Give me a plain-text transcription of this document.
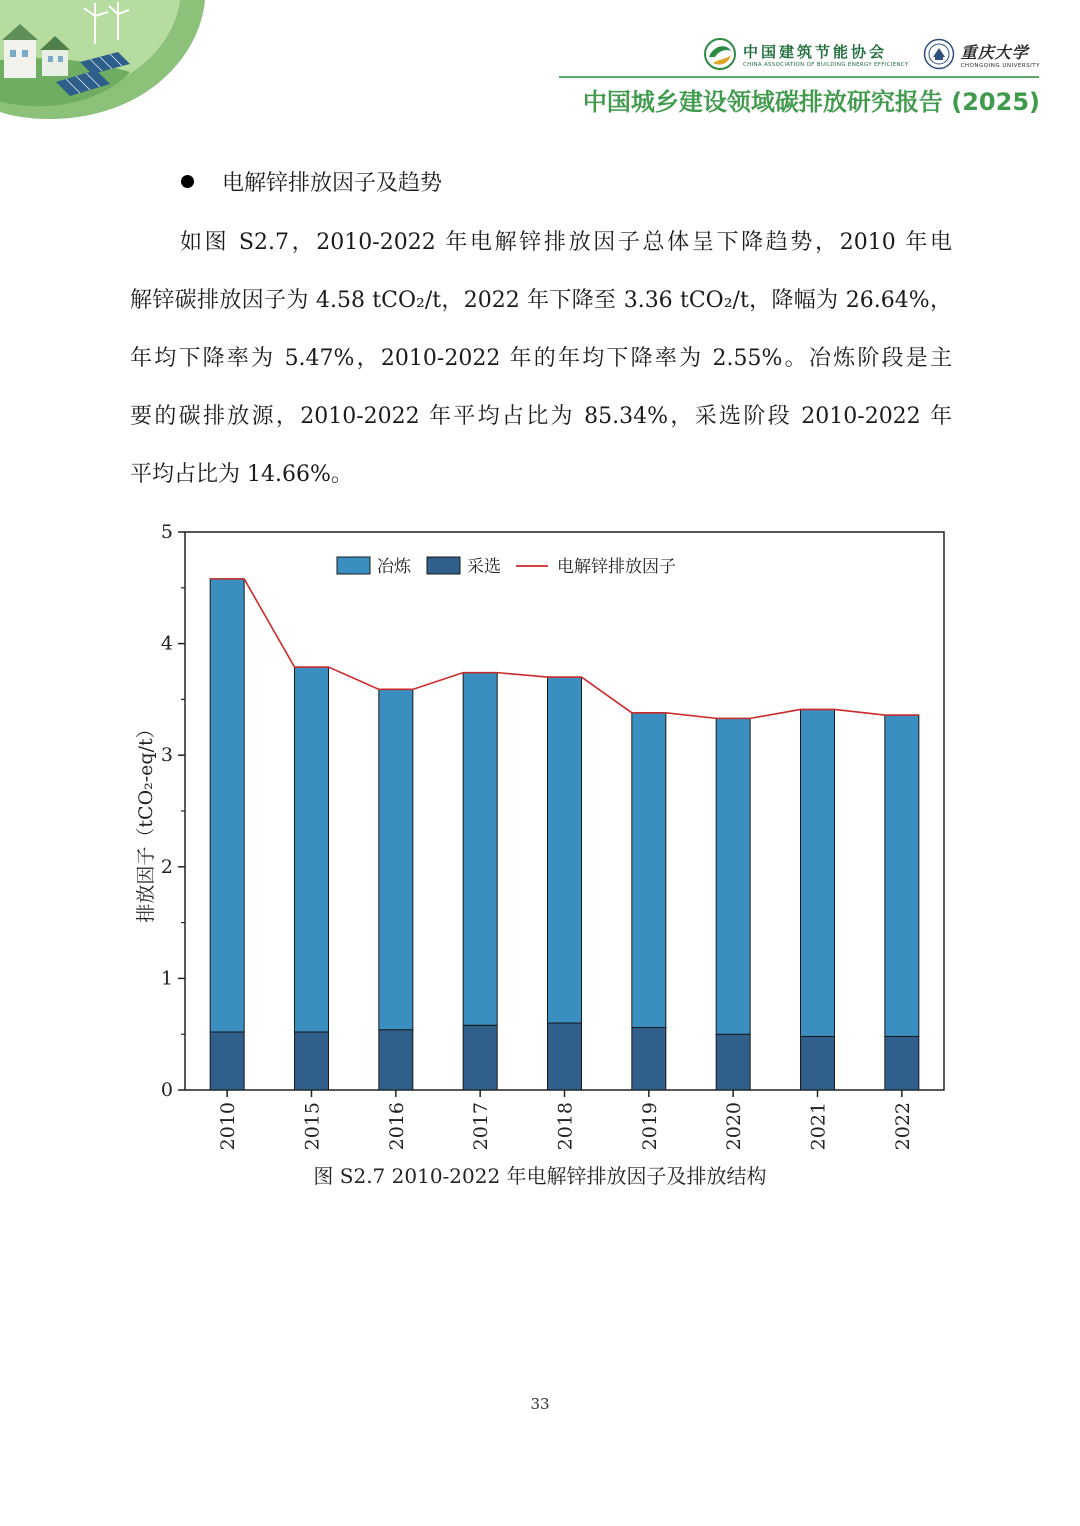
中国建筑节能协会
CHINA ASSOCIATION OF BUILDING ENERGY EFFICIENCY
重庆大学
CHONGQING UNIVERSITY
中国城乡建设领域碳排放研究报告 (2025)
电解锌排放因子及趋势

如图 S2.7，2010-2022 年电解锌排放因子总体呈下降趋势，2010 年电
解锌碳排放因子为 4.58 tCO₂/t，2022 年下降至 3.36 tCO₂/t，降幅为 26.64%，
年均下降率为 5.47%，2010-2022 年的年均下降率为 2.55%。冶炼阶段是主
要的碳排放源，2010-2022 年平均占比为 85.34%，采选阶段 2010-2022 年
平均占比为 14.66%。

0
1
2
3
4
5
排放因子（tCO₂-eq/t）
2010	2015	2016	2017	2018	2019	2020	2021	2022
冶炼	采选	电解锌排放因子
图 S2.7 2010-2022 年电解锌排放因子及排放结构
33
